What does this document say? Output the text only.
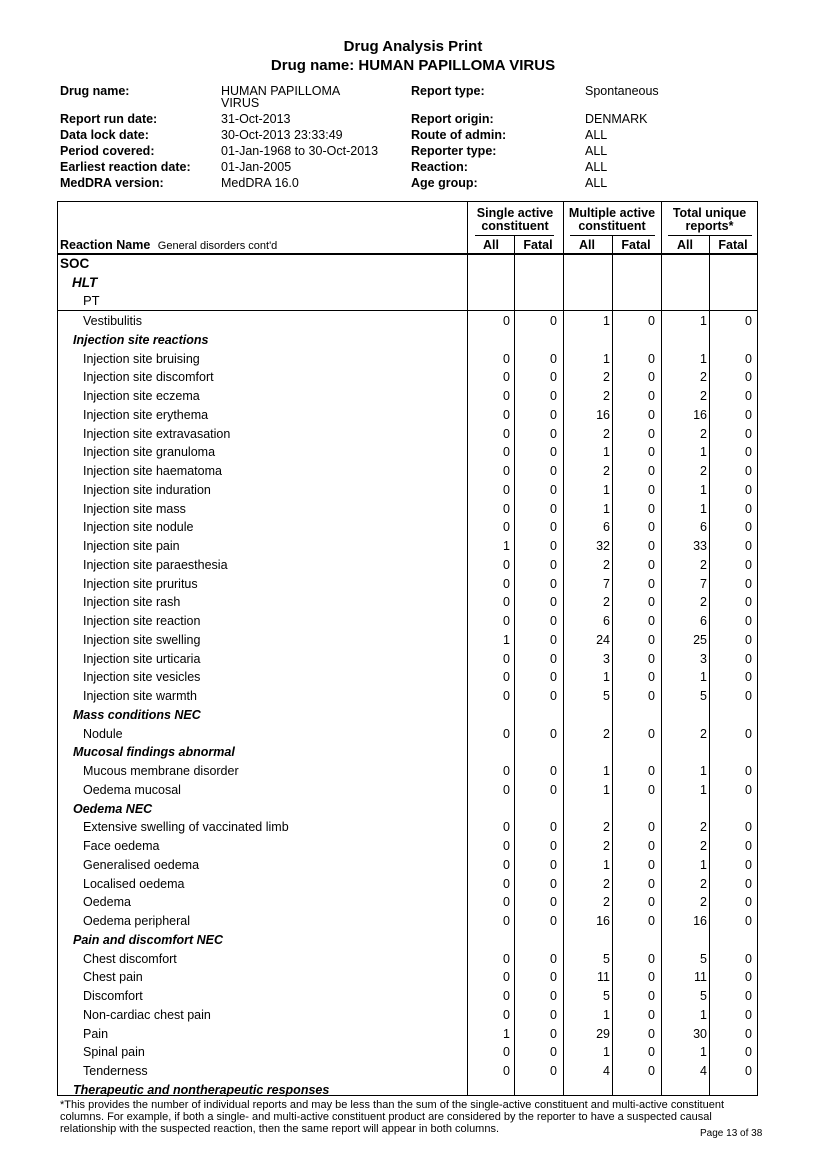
Drug Analysis Print
Drug name: HUMAN PAPILLOMA VIRUS
Drug name:	HUMAN PAPILLOMA
VIRUS
Report run date:	31-Oct-2013
Data lock date:	30-Oct-2013 23:33:49
Period covered:	01-Jan-1968 to 30-Oct-2013
Earliest reaction date: 01-Jan-2005
MedDRA version:	MedDRA 16.0
Report type:	Spontaneous
Report origin:	DENMARK
Route of admin:	ALL
Reporter type:	ALL
Reaction:	ALL
Age group:	ALL
Single active
constituent
Multiple active
constituent
Total unique
reports*
All	Fatal	All	Fatal	All	Fatal
Reaction Name General disorders cont'd
SOC
HLT
PT
Vestibulitis	0	0	1	0	1	0
Injection site reactions
Injection site bruising	0	0	1	0	1	0
Injection site discomfort	0	0	2	0	2	0
Injection site eczema	0	0	2	0	2	0
Injection site erythema	0	0	16	0	16	0
Injection site extravasation	0	0	2	0	2	0
Injection site granuloma	0	0	1	0	1	0
Injection site haematoma	0	0	2	0	2	0
Injection site induration	0	0	1	0	1	0
Injection site mass	0	0	1	0	1	0
Injection site nodule	0	0	6	0	6	0
Injection site pain	1	0	32	0	33	0
Injection site paraesthesia	0	0	2	0	2	0
Injection site pruritus	0	0	7	0	7	0
Injection site rash	0	0	2	0	2	0
Injection site reaction	0	0	6	0	6	0
Injection site swelling	1	0	24	0	25	0
Injection site urticaria	0	0	3	0	3	0
Injection site vesicles	0	0	1	0	1	0
Injection site warmth	0	0	5	0	5	0
Mass conditions NEC
Nodule	0	0	2	0	2	0
Mucosal findings abnormal
Mucous membrane disorder	0	0	1	0	1	0
Oedema mucosal	0	0	1	0	1	0
Oedema NEC
Extensive swelling of vaccinated limb	0	0	2	0	2	0
Face oedema	0	0	2	0	2	0
Generalised oedema	0	0	1	0	1	0
Localised oedema	0	0	2	0	2	0
Oedema	0	0	2	0	2	0
Oedema peripheral	0	0	16	0	16	0
Pain and discomfort NEC
Chest discomfort	0	0	5	0	5	0
Chest pain	0	0	11	0	11	0
Discomfort	0	0	5	0	5	0
Non-cardiac chest pain	0	0	1	0	1	0
Pain	1	0	29	0	30	0
Spinal pain	0	0	1	0	1	0
Tenderness	0	0	4	0	4	0
Therapeutic and nontherapeutic responses
*This provides the number of individual reports and may be less than the sum of the single-active constituent and multi-active constituent columns. For example, if both a single- and multi-active constituent product are considered by the reporter to have a suspected causal relationship with the suspected reaction, then the same report will appear in both columns.	Page 13 of 38
